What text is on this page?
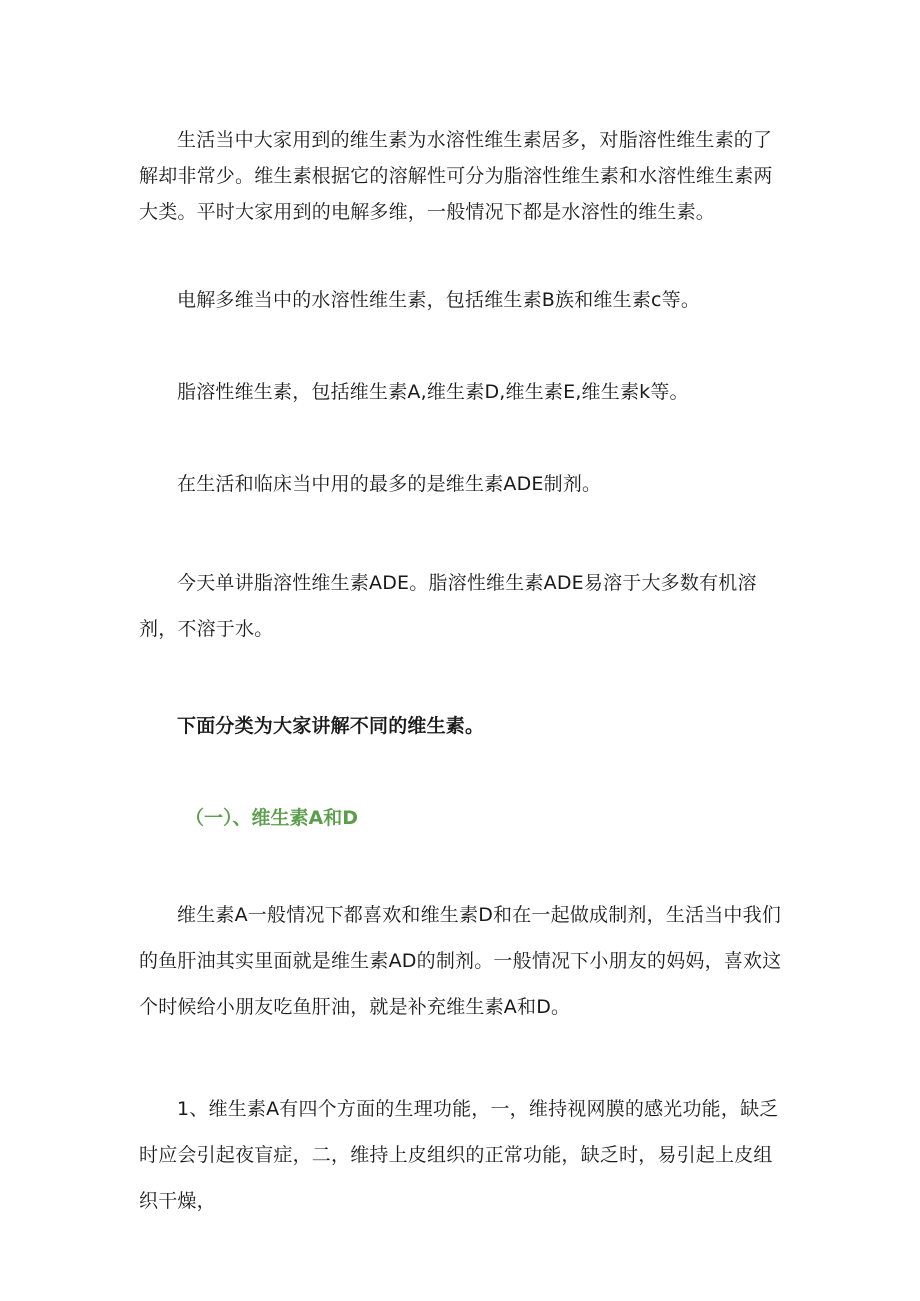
生活当中大家用到的维生素为水溶性维生素居多，对脂溶性维生素的了解却非常少。维生素根据它的溶解性可分为脂溶性维生素和水溶性维生素两大类。平时大家用到的电解多维，一般情况下都是水溶性的维生素。

电解多维当中的水溶性维生素，包括维生素B族和维生素c等。

脂溶性维生素，包括维生素A,维生素D,维生素E,维生素k等。

在生活和临床当中用的最多的是维生素ADE制剂。

今天单讲脂溶性维生素ADE。脂溶性维生素ADE易溶于大多数有机溶剂，不溶于水。

下面分类为大家讲解不同的维生素。

（一）、维生素A和D

维生素A一般情况下都喜欢和维生素D和在一起做成制剂，生活当中我们的鱼肝油其实里面就是维生素AD的制剂。一般情况下小朋友的妈妈，喜欢这个时候给小朋友吃鱼肝油，就是补充维生素A和D。

1、维生素A有四个方面的生理功能，一，维持视网膜的感光功能，缺乏时应会引起夜盲症，二，维持上皮组织的正常功能，缺乏时，易引起上皮组织干燥，
